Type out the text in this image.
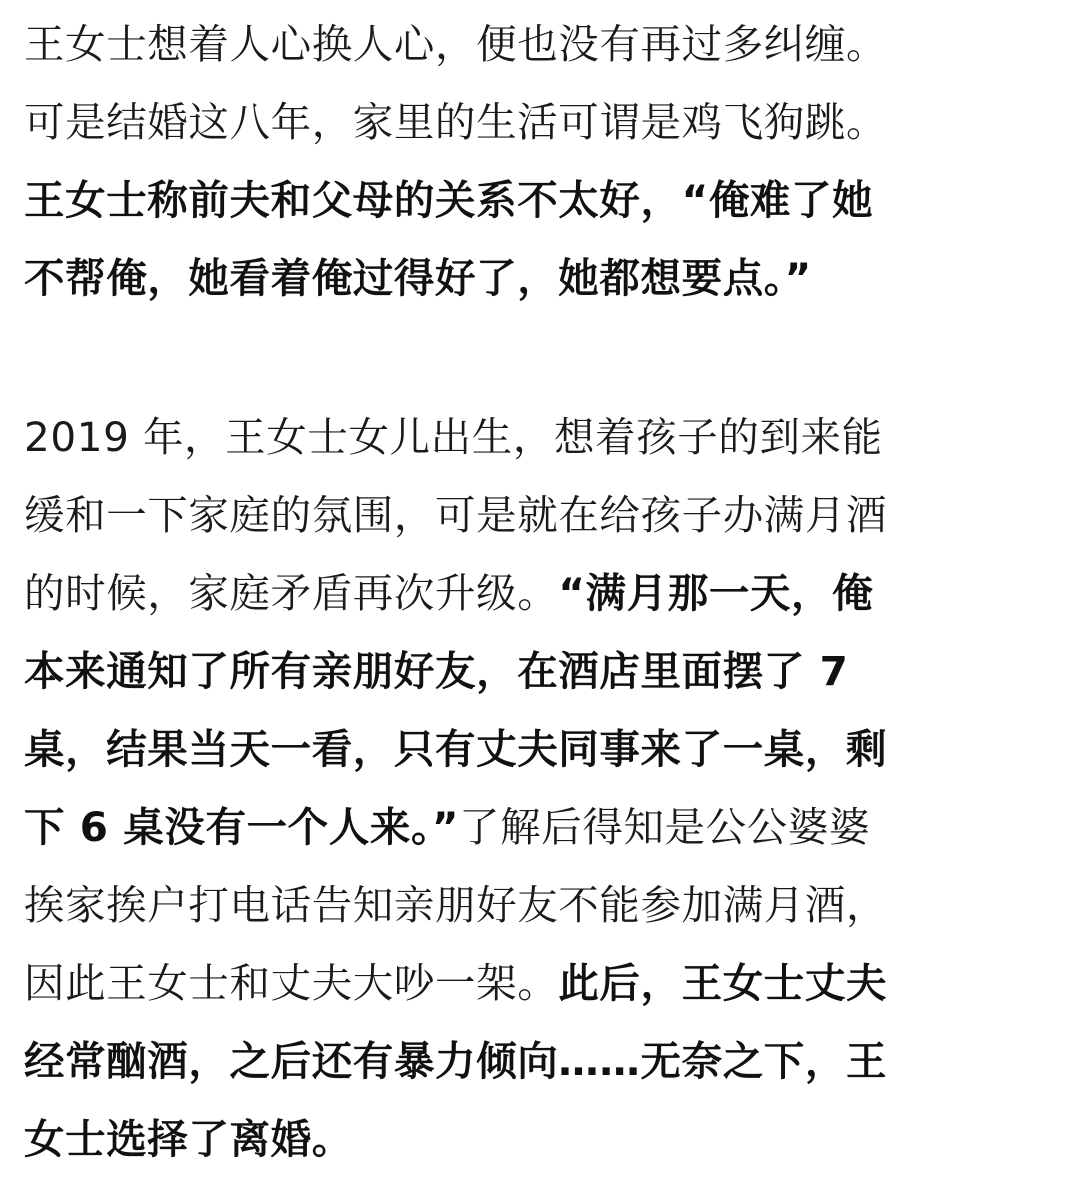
王女士想着人心换人心，便也没有再过多纠缠。
可是结婚这八年，家里的生活可谓是鸡飞狗跳。
王女士称前夫和父母的关系不太好，“俺难了她
不帮俺，她看着俺过得好了，她都想要点。”
2019 年，王女士女儿出生，想着孩子的到来能
缓和一下家庭的氛围，可是就在给孩子办满月酒
的时候，家庭矛盾再次升级。“满月那一天，俺
本来通知了所有亲朋好友，在酒店里面摆了 7
桌，结果当天一看，只有丈夫同事来了一桌，剩
下 6 桌没有一个人来。”了解后得知是公公婆婆
挨家挨户打电话告知亲朋好友不能参加满月酒，
因此王女士和丈夫大吵一架。此后，王女士丈夫
经常酗酒，之后还有暴力倾向……无奈之下，王
女士选择了离婚。
